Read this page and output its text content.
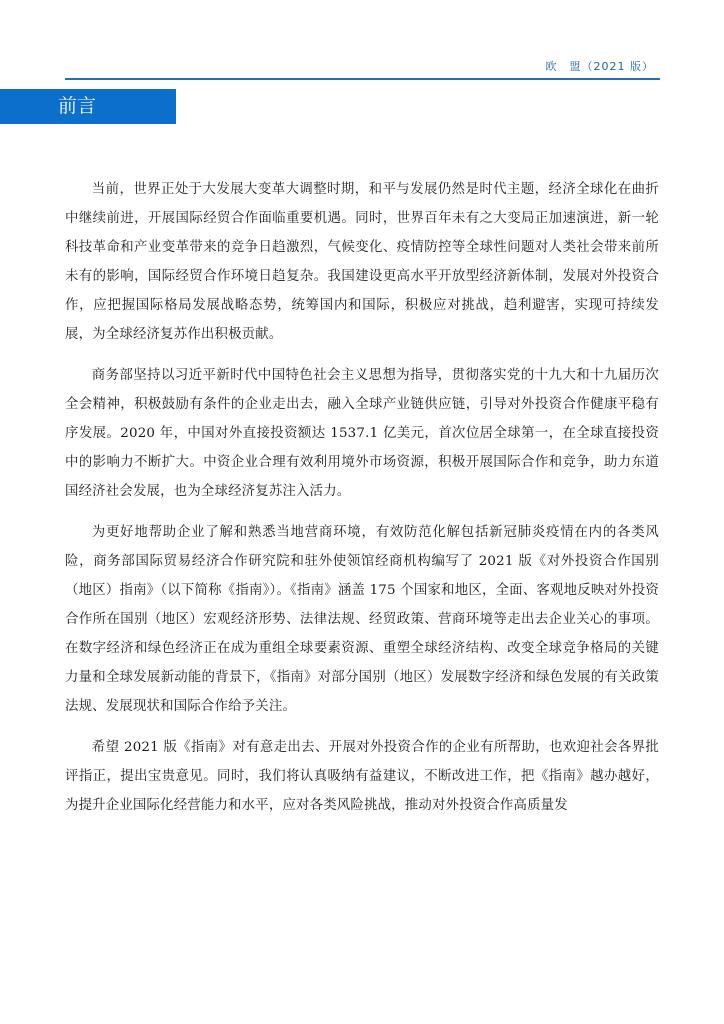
欧　盟（2021 版）
前言

当前，世界正处于大发展大变革大调整时期，和平与发展仍然是时代主题，经济全球化在曲折中继续前进，开展国际经贸合作面临重要机遇。同时，世界百年未有之大变局正加速演进，新一轮科技革命和产业变革带来的竞争日趋激烈，气候变化、疫情防控等全球性问题对人类社会带来前所未有的影响，国际经贸合作环境日趋复杂。我国建设更高水平开放型经济新体制，发展对外投资合作，应把握国际格局发展战略态势，统筹国内和国际，积极应对挑战，趋利避害，实现可持续发展，为全球经济复苏作出积极贡献。

商务部坚持以习近平新时代中国特色社会主义思想为指导，贯彻落实党的十九大和十九届历次全会精神，积极鼓励有条件的企业走出去，融入全球产业链供应链，引导对外投资合作健康平稳有序发展。2020 年，中国对外直接投资额达 1537.1 亿美元，首次位居全球第一，在全球直接投资中的影响力不断扩大。中资企业合理有效利用境外市场资源，积极开展国际合作和竞争，助力东道国经济社会发展，也为全球经济复苏注入活力。

为更好地帮助企业了解和熟悉当地营商环境，有效防范化解包括新冠肺炎疫情在内的各类风险，商务部国际贸易经济合作研究院和驻外使领馆经商机构编写了 2021 版《对外投资合作国别（地区）指南》（以下简称《指南》）。《指南》涵盖 175 个国家和地区，全面、客观地反映对外投资合作所在国别（地区）宏观经济形势、法律法规、经贸政策、营商环境等走出去企业关心的事项。在数字经济和绿色经济正在成为重组全球要素资源、重塑全球经济结构、改变全球竞争格局的关键力量和全球发展新动能的背景下，《指南》对部分国别（地区）发展数字经济和绿色发展的有关政策法规、发展现状和国际合作给予关注。

希望 2021 版《指南》对有意走出去、开展对外投资合作的企业有所帮助，也欢迎社会各界批评指正，提出宝贵意见。同时，我们将认真吸纳有益建议，不断改进工作，把《指南》越办越好，为提升企业国际化经营能力和水平，应对各类风险挑战，推动对外投资合作高质量发
